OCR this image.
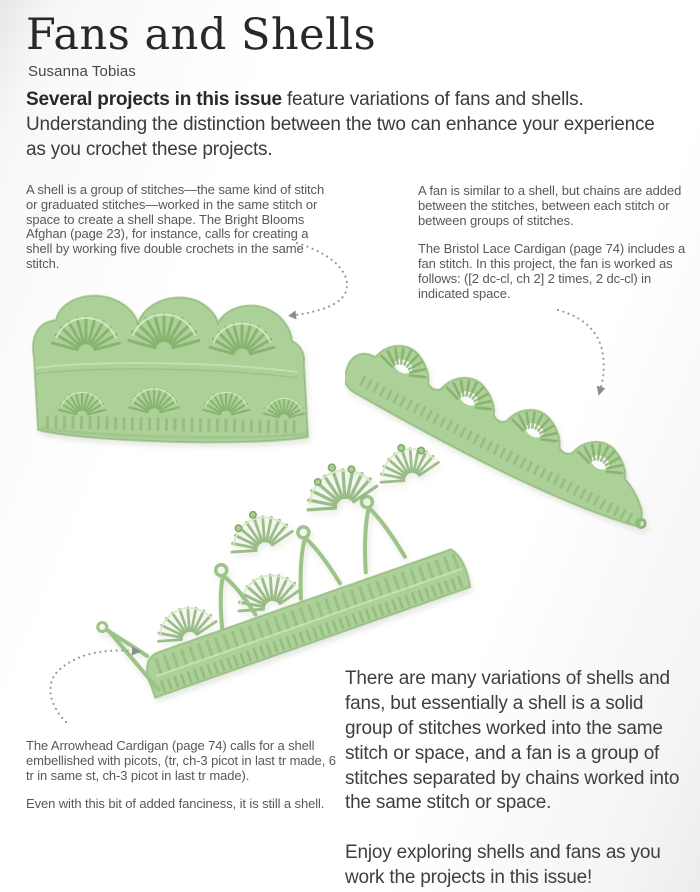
Fans and Shells
Susanna Tobias

Several projects in this issue feature variations of fans and shells. Understanding the distinction between the two can enhance your experience as you crochet these projects.

A shell is a group of stitches—the same kind of stitch or graduated stitches—worked in the same stitch or space to create a shell shape. The Bright Blooms Afghan (page 23), for instance, calls for creating a shell by working five double crochets in the same stitch.

A fan is similar to a shell, but chains are added between the stitches, between each stitch or between groups of stitches.

The Bristol Lace Cardigan (page 74) includes a fan stitch. In this project, the fan is worked as follows: ([2 dc-cl, ch 2] 2 times, 2 dc-cl) in indicated space.

The Arrowhead Cardigan (page 74) calls for a shell embellished with picots, (tr, ch-3 picot in last tr made, 6 tr in same st, ch-3 picot in last tr made).

Even with this bit of added fanciness, it is still a shell.

There are many variations of shells and fans, but essentially a shell is a solid group of stitches worked into the same stitch or space, and a fan is a group of stitches separated by chains worked into the same stitch or space.

Enjoy exploring shells and fans as you work the projects in this issue!
